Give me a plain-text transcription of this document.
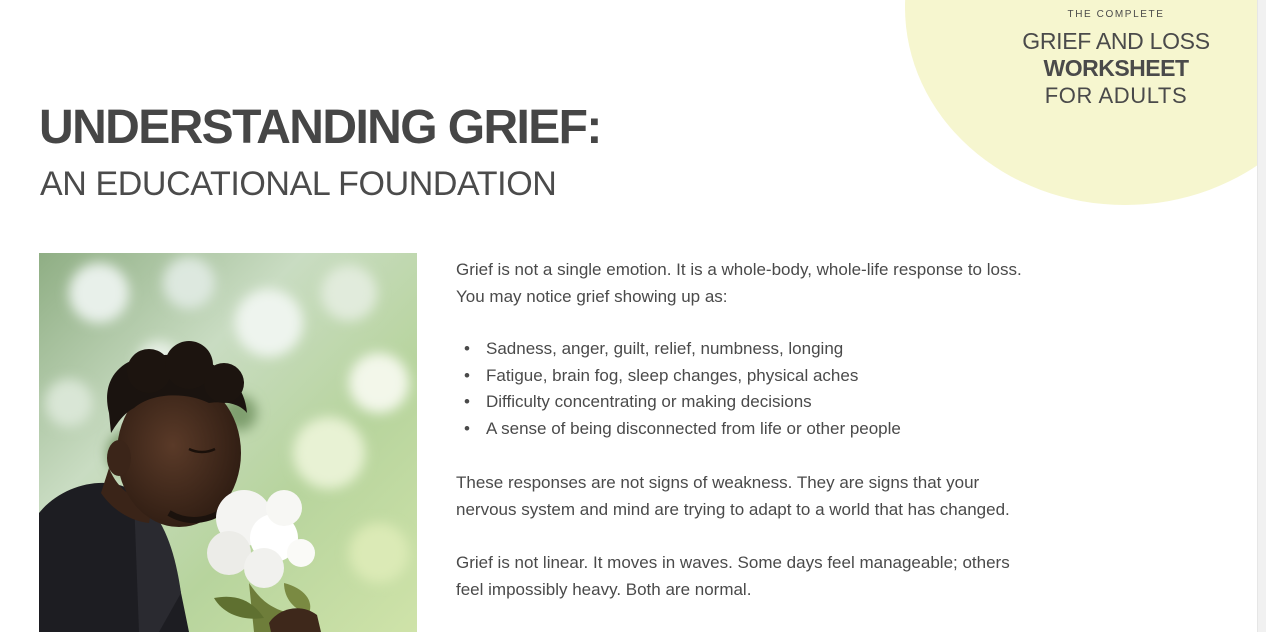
THE COMPLETE
GRIEF AND LOSS
WORKSHEET
FOR ADULTS
UNDERSTANDING GRIEF:
AN EDUCATIONAL FOUNDATION

Grief is not a single emotion. It is a whole-body, whole-life response to loss.
You may notice grief showing up as:

• Sadness, anger, guilt, relief, numbness, longing
• Fatigue, brain fog, sleep changes, physical aches
• Difficulty concentrating or making decisions
• A sense of being disconnected from life or other people

These responses are not signs of weakness. They are signs that your
nervous system and mind are trying to adapt to a world that has changed.

Grief is not linear. It moves in waves. Some days feel manageable; others
feel impossibly heavy. Both are normal.
